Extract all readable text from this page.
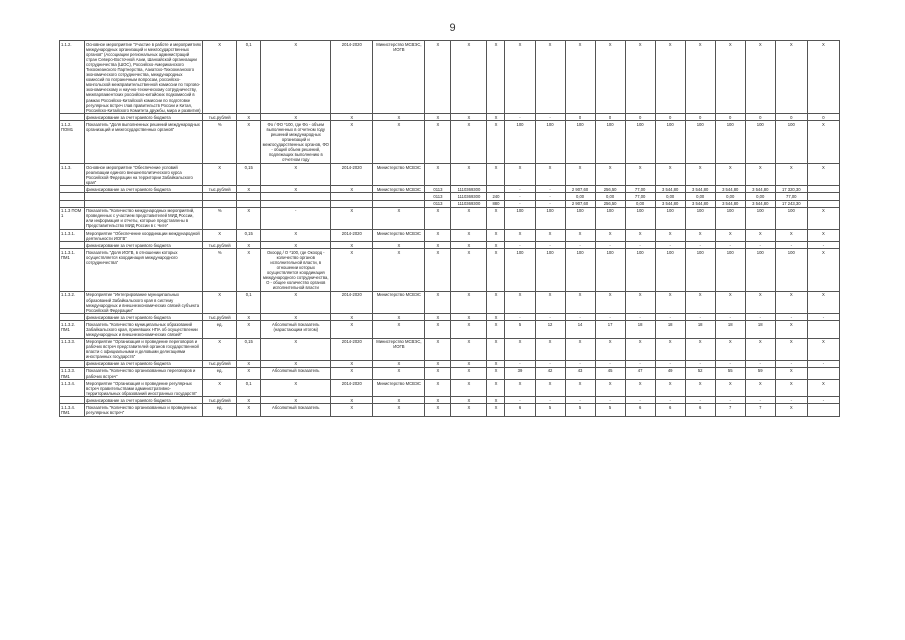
9
1.1.2.	Основное мероприятие "Участие в работе и мероприятиях международных организаций и межгосударственных органов" (Ассоциации региональных администраций стран Северо-Восточной Азии, Шанхайской организации сотрудничества (ШОС), Российско-Американского Тихоокеанского Партнерства, Азиатско-Тихоокеанского экономического сотрудничества, международных комиссий по пограничным вопросам, российско-монгольской межправительственной комиссии по торгово-экономическому и научно-техническому сотрудничеству, межпарламентских российско-китайских подкомиссий в рамках Российско-Китайской комиссии по подготовке регулярных встреч глав правительств России и Китая, Российско-Китайского Комитета дружбы, мира и развития)	Х	0,1	Х	2014-2020	Министерство МСВЭС, ИОГВ	Х	Х	Х	Х	Х	Х	Х	Х	Х	Х	Х	Х	Х	Х
	финансирование за счет краевого бюджета	тыс.рублей	Х	Х	Х	Х	Х	Х	Х	-	-	0	0	0	0	0	0	0	0	0
1.1.2. ПОМ1	Показатель "Доля выполненных решений международных организаций и межгосударственных органов"	%	Х	Фо / ФО *100, где Фо - объем выполненных в отчетном году решений международных организаций и межгосударственных органов, ФО - общий объем решений, подлежащих выполнению в отчетном году	Х	Х	Х	Х	Х	100	100	100	100	100	100	100	100	100	100	Х
1.1.3.	Основное мероприятие "Обеспечение условий реализации единого внешнеполитического курса Российской Федерации на территории Забайкальского края"	Х	0,15	Х	2014-2020	Министерство МСВЭС	Х	Х	Х	Х	Х	Х	Х	Х	Х	Х	Х	Х	Х	Х
	финансирование за счет краевого бюджета	тыс.рублей	Х	Х	Х	Министерство МСВЭС	0113	1110369300		-	-	2 907,60	256,50	77,00	3 544,80	3 544,80	3 544,80	3 544,80	17 320,30	
							0113	1110369300	240	-	-	0,00	0,00	77,00	0,00	0,00	0,00	0,00	77,00	
							0113	1110369300	880	-	-	2 907,60	256,50	0,00	3 544,80	3 544,80	3 544,80	3 544,80	17 243,30	
1.1.3 ПОМ 1	Показатель "Количество международных мероприятий, проведенных с участием представителей МИД России, или информация и отчеты, которые представлены в Представительство МИД России в г. Чите"	%	Х	-	Х	Х	Х	Х	Х	100	100	100	100	100	100	100	100	100	100	Х
1.1.3.1.	Мероприятие "Обеспечение координации международной деятельности ИОГВ"	Х	0,15	Х	2014-2020	Министерство МСВЭС	Х	Х	Х	Х	Х	Х	Х	Х	Х	Х	Х	Х	Х	Х
	финансирование за счет краевого бюджета	тыс.рублей	Х	Х	Х	Х	Х	Х	Х	-	-	-	-	-	-	-	-	-	-	-
1.1.3.1. ПМ1	Показатель "Доля ИОГВ, в отношении которых осуществляется координация международного сотрудничества"	%	Х	Окоорд / О *100, где Окоорд - количество органов исполнительной власти, в отношении которых осуществляется координация международного сотрудничества, О - общее количество органов исполнительной власти	Х	Х	Х	Х	Х	100	100	100	100	100	100	100	100	100	100	Х
1.1.3.2.	Мероприятие "Интегрирование муниципальных образований Забайкальского края в систему международных и внешнеэкономических связей субъекта Российской Федерации"	Х	0,1	Х	2014-2020	Министерство МСВЭС	Х	Х	Х	Х	Х	Х	Х	Х	Х	Х	Х	Х	Х	Х
	финансирование за счет краевого бюджета	тыс.рублей	Х	Х	Х	Х	Х	Х	Х	-	-	-	-	-	-	-	-	-	-	-
1.1.3.2. ПМ1	Показатель "Количество муниципальных образований Забайкальского края, принявших НПА об осуществлении международных и внешнеэкономических связей"	ед.	Х	Абсолютный показатель (нарастающим итогом)	Х	Х	Х	Х	Х	5	12	14	17	18	18	18	18	18	Х	
1.1.3.3.	Мероприятие "Организация и проведение переговоров и рабочих встреч представителей органов государственной власти с официальными и деловыми делегациями иностранных государств"	Х	0,15	Х	2014-2020	Министерство МСВЭС, ИОГВ	Х	Х	Х	Х	Х	Х	Х	Х	Х	Х	Х	Х	Х	Х
	финансирование за счет краевого бюджета	тыс.рублей	Х	Х	Х	Х	Х	Х	Х	-	-	-	-	-	-	-	-	-	-	-
1.1.3.3. ПМ1	Показатель "Количество организованных переговоров и рабочих встреч"	ед.	Х	Абсолютный показатель	Х	Х	Х	Х	Х	39	42	43	45	47	49	52	55	59	Х	
1.1.3.4.	Мероприятие "Организация и проведение регулярных встреч правительствами административно-территориальных образований иностранных государств"	Х	0,1	Х	2014-2020	Министерство МСВЭС	Х	Х	Х	Х	Х	Х	Х	Х	Х	Х	Х	Х	Х	Х
	финансирование за счет краевого бюджета	тыс.рублей	Х	Х	Х	Х	Х	Х	Х	-	-	-	-	-	-	-	-	-	-	-
1.1.3.4. ПМ1	Показатель "Количество организованных и проведенных регулярных встреч"	ед.	Х	Абсолютный показатель	Х	Х	Х	Х	Х	6	5	5	5	6	6	6	7	7	Х	
